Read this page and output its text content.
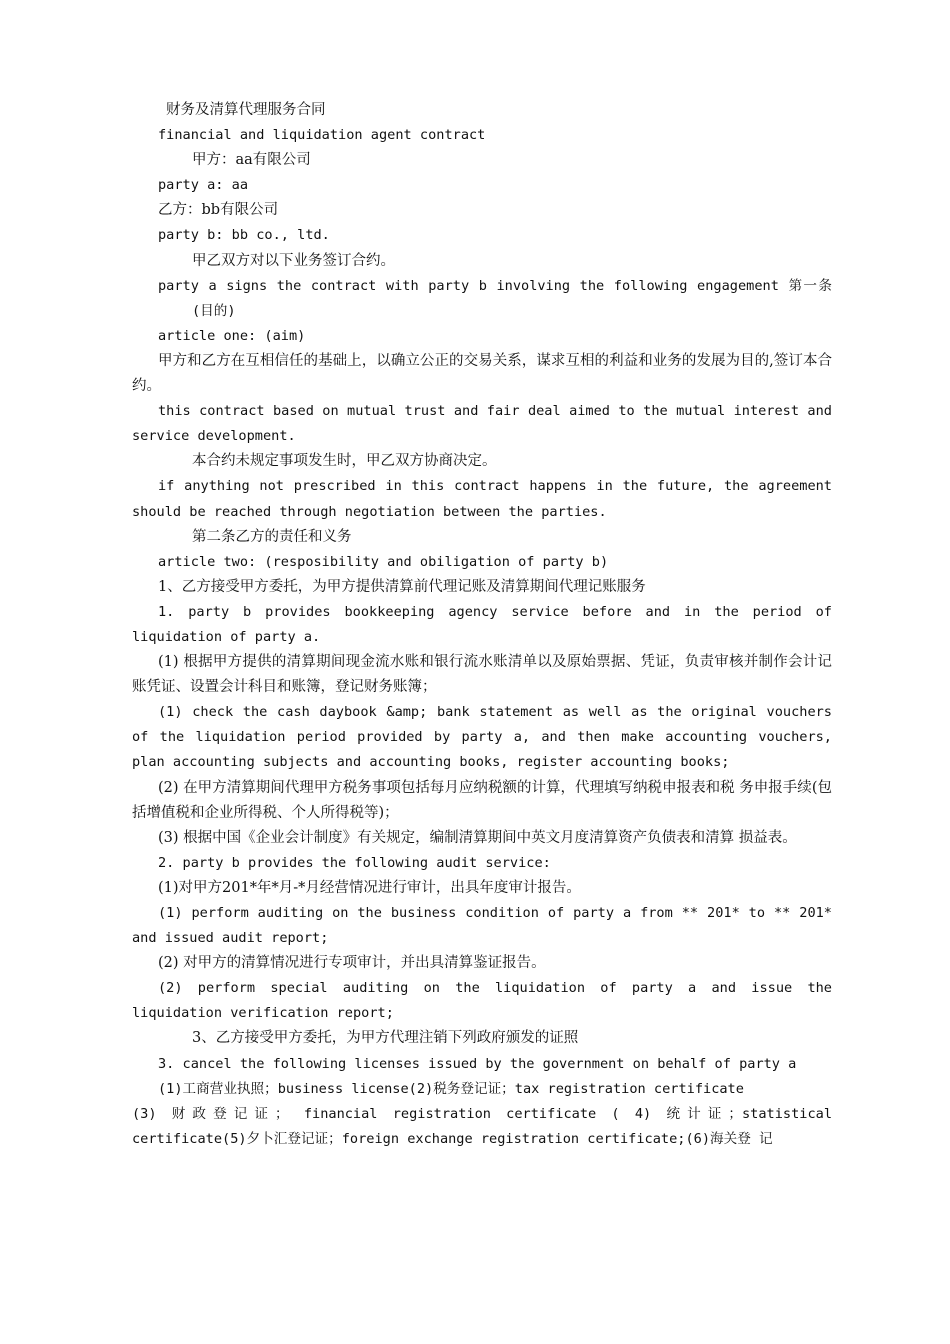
财务及清算代理服务合同

financial and liquidation agent contract

甲方：aa有限公司

party a: aa

乙方：bb有限公司

party b: bb co., ltd.

甲乙双方对以下业务签订合约。

party a signs the contract with party b involving the following engagement 第一条(目的)

article one: (aim)

甲方和乙方在互相信任的基础上，以确立公正的交易关系，谋求互相的利益和业务的发展为目的,签订本合约。

this contract based on mutual trust and fair deal aimed to the mutual interest and service development.

本合约未规定事项发生时，甲乙双方协商决定。

if anything not prescribed in this contract happens in the future, the agreement should be reached through negotiation between the parties.

第二条乙方的责任和义务

article two: (resposibility and obiligation of party b)

1、乙方接受甲方委托，为甲方提供清算前代理记账及清算期间代理记账服务

1. party b provides bookkeeping agency service before and in the period of liquidation of party a.

(1) 根据甲方提供的清算期间现金流水账和银行流水账清单以及原始票据、凭证，负责审核并制作会计记账凭证、设置会计科目和账簿，登记财务账簿；

(1) check the cash daybook &amp; bank statement as well as the original vouchers of the liquidation period provided by party a, and then make accounting vouchers, plan accounting subjects and accounting books, register accounting books;

(2) 在甲方清算期间代理甲方税务事项包括每月应纳税额的计算，代理填写纳税申报表和税 务申报手续(包括增值税和企业所得税、个人所得税等)；

(3) 根据中国《企业会计制度》有关规定，编制清算期间中英文月度清算资产负债表和清算 损益表。

2. party b provides the following audit service:

(1)对甲方201*年*月-*月经营情况进行审计，出具年度审计报告。

(1) perform auditing on the business condition of party a from ** 201* to ** 201* and issued audit report;

(2) 对甲方的清算情况进行专项审计，并出具清算鉴证报告。

(2) perform special auditing on the liquidation of party a and issue the liquidation verification report;

3、乙方接受甲方委托，为甲方代理注销下列政府颁发的证照

3. cancel the following licenses issued by the government on behalf of party a

(1)工商营业执照；business license(2)税务登记证；tax registration certificate

(3) 财政登记证； financial registration certificate ( 4) 统计证；statistical certificate(5)夕卜汇登记证；foreign exchange registration certificate;(6)海关登 记
